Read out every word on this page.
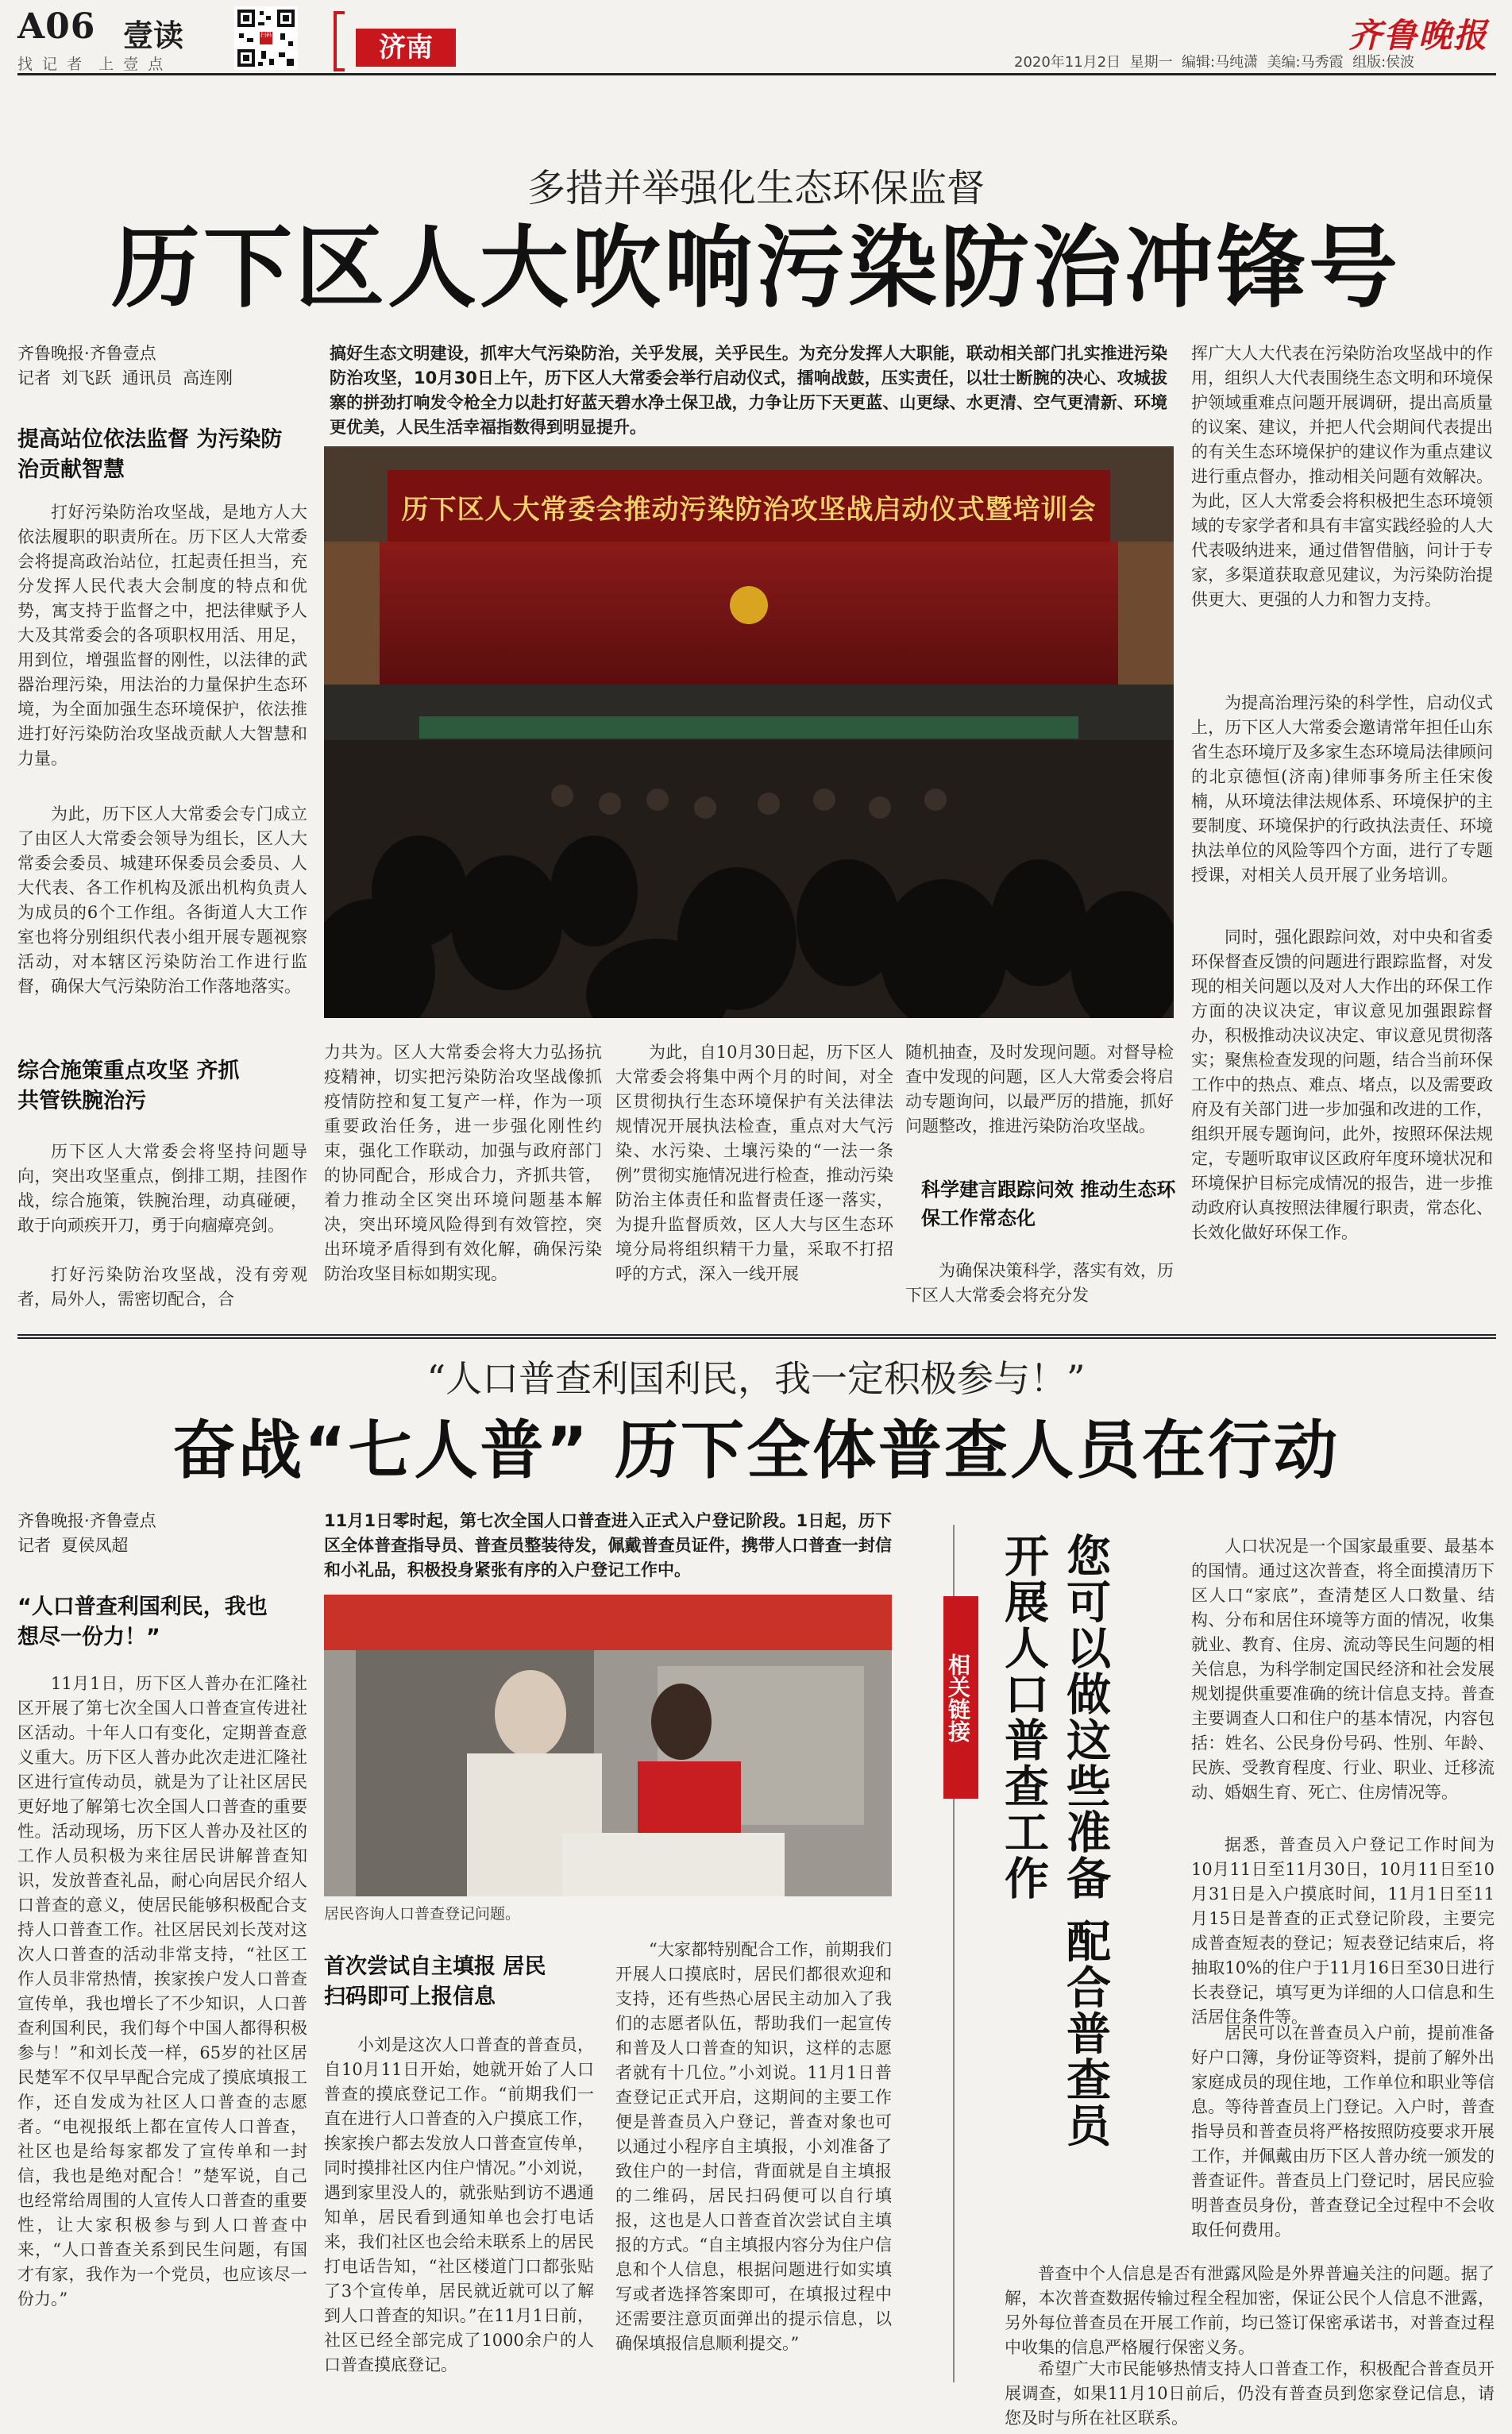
A06 壹读
找 记 者  上 壹 点
扫码	济南	齐鲁晚报
2020年11月2日  星期一  编辑:马纯潇  美编:马秀霞  组版:侯波
多措并举强化生态环保监督
历下区人大吹响污染防治冲锋号
齐鲁晚报·齐鲁壹点
记者  刘飞跃  通讯员  高连刚
搞好生态文明建设，抓牢大气污染防治，关乎发展，关乎民生。为充分发挥人大职能，联动相关部门扎实推进污染防治攻坚，10月30日上午，历下区人大常委会举行启动仪式，擂响战鼓，压实责任，以壮士断腕的决心、攻城拔寨的拼劲打响发令枪全力以赴打好蓝天碧水净土保卫战，力争让历下天更蓝、山更绿、水更清、空气更清新、环境更优美，人民生活幸福指数得到明显提升。
历下区人大常委会推动污染防治攻坚战启动仪式暨培训会
提高站位依法监督 为污染防治贡献智慧
打好污染防治攻坚战，是地方人大依法履职的职责所在。历下区人大常委会将提高政治站位，扛起责任担当，充分发挥人民代表大会制度的特点和优势，寓支持于监督之中，把法律赋予人大及其常委会的各项职权用活、用足，用到位，增强监督的刚性，以法律的武器治理污染，用法治的力量保护生态环境，为全面加强生态环境保护，依法推进打好污染防治攻坚战贡献人大智慧和力量。
为此，历下区人大常委会专门成立了由区人大常委会领导为组长，区人大常委会委员、城建环保委员会委员、人大代表、各工作机构及派出机构负责人为成员的6个工作组。各街道人大工作室也将分别组织代表小组开展专题视察活动，对本辖区污染防治工作进行监督，确保大气污染防治工作落地落实。
综合施策重点攻坚 齐抓共管铁腕治污
历下区人大常委会将坚持问题导向，突出攻坚重点，倒排工期，挂图作战，综合施策，铁腕治理，动真碰硬，敢于向顽疾开刀，勇于向痼瘴亮剑。
打好污染防治攻坚战，没有旁观者，局外人，需密切配合，合
力共为。区人大常委会将大力弘扬抗疫精神，切实把污染防治攻坚战像抓疫情防控和复工复产一样，作为一项重要政治任务，进一步强化刚性约束，强化工作联动，加强与政府部门的协同配合，形成合力，齐抓共管，着力推动全区突出环境问题基本解决，突出环境风险得到有效管控，突出环境矛盾得到有效化解，确保污染防治攻坚目标如期实现。
为此，自10月30日起，历下区人大常委会将集中两个月的时间，对全区贯彻执行生态环境保护有关法律法规情况开展执法检查，重点对大气污染、水污染、土壤污染的“一法一条例”贯彻实施情况进行检查，推动污染防治主体责任和监督责任逐一落实，为提升监督质效，区人大与区生态环境分局将组织精干力量，采取不打招呼的方式，深入一线开展
随机抽查，及时发现问题。对督导检查中发现的问题，区人大常委会将启动专题询问，以最严厉的措施，抓好问题整改，推进污染防治攻坚战。
科学建言跟踪问效 推动生态环保工作常态化
为确保决策科学，落实有效，历下区人大常委会将充分发
挥广大人大代表在污染防治攻坚战中的作用，组织人大代表围绕生态文明和环境保护领域重难点问题开展调研，提出高质量的议案、建议，并把人代会期间代表提出的有关生态环境保护的建议作为重点建议进行重点督办，推动相关问题有效解决。为此，区人大常委会将积极把生态环境领域的专家学者和具有丰富实践经验的人大代表吸纳进来，通过借智借脑，问计于专家，多渠道获取意见建议，为污染防治提供更大、更强的人力和智力支持。
为提高治理污染的科学性，启动仪式上，历下区人大常委会邀请常年担任山东省生态环境厅及多家生态环境局法律顾问的北京德恒(济南)律师事务所主任宋俊楠，从环境法律法规体系、环境保护的主要制度、环境保护的行政执法责任、环境执法单位的风险等四个方面，进行了专题授课，对相关人员开展了业务培训。
同时，强化跟踪问效，对中央和省委环保督查反馈的问题进行跟踪监督，对发现的相关问题以及对人大作出的环保工作方面的决议决定，审议意见加强跟踪督办，积极推动决议决定、审议意见贯彻落实；聚焦检查发现的问题，结合当前环保工作中的热点、难点、堵点，以及需要政府及有关部门进一步加强和改进的工作，组织开展专题询问，此外，按照环保法规定，专题听取审议区政府年度环境状况和环境保护目标完成情况的报告，进一步推动政府认真按照法律履行职责，常态化、长效化做好环保工作。
“人口普查利国利民，我一定积极参与！”
奋战“七人普” 历下全体普查人员在行动
齐鲁晚报·齐鲁壹点
记者  夏侯凤超
“人口普查利国利民，我也想尽一份力！”
11月1日，历下区人普办在汇隆社区开展了第七次全国人口普查宣传进社区活动。十年人口有变化，定期普查意义重大。历下区人普办此次走进汇隆社区进行宣传动员，就是为了让社区居民更好地了解第七次全国人口普查的重要性。活动现场，历下区人普办及社区的工作人员积极为来往居民讲解普查知识，发放普查礼品，耐心向居民介绍人口普查的意义，使居民能够积极配合支持人口普查工作。社区居民刘长茂对这次人口普查的活动非常支持，“社区工作人员非常热情，挨家挨户发人口普查宣传单，我也增长了不少知识，人口普查利国利民，我们每个中国人都得积极参与！”和刘长茂一样，65岁的社区居民楚军不仅早早配合完成了摸底填报工作，还自发成为社区人口普查的志愿者。“电视报纸上都在宣传人口普查，社区也是给每家都发了宣传单和一封信，我也是绝对配合！”楚军说，自己也经常给周围的人宣传人口普查的重要性，让大家积极参与到人口普查中来，“人口普查关系到民生问题，有国才有家，我作为一个党员，也应该尽一份力。”
11月1日零时起，第七次全国人口普查进入正式入户登记阶段。1日起，历下区全体普查指导员、普查员整装待发，佩戴普查员证件，携带人口普查一封信和小礼品，积极投身紧张有序的入户登记工作中。
居民咨询人口普查登记问题。
首次尝试自主填报 居民扫码即可上报信息
小刘是这次人口普查的普查员，自10月11日开始，她就开始了人口普查的摸底登记工作。“前期我们一直在进行人口普查的入户摸底工作，挨家挨户都去发放人口普查宣传单，同时摸排社区内住户情况。”小刘说，遇到家里没人的，就张贴到访不遇通知单，居民看到通知单也会打电话来，我们社区也会给未联系上的居民打电话告知，“社区楼道门口都张贴了3个宣传单，居民就近就可以了解到人口普查的知识。”在11月1日前，社区已经全部完成了1000余户的人口普查摸底登记。
“大家都特别配合工作，前期我们开展人口摸底时，居民们都很欢迎和支持，还有些热心居民主动加入了我们的志愿者队伍，帮助我们一起宣传和普及人口普查的知识，这样的志愿者就有十几位。”小刘说。11月1日普查登记正式开启，这期间的主要工作便是普查员入户登记，普查对象也可以通过小程序自主填报，小刘准备了致住户的一封信，背面就是自主填报的二维码，居民扫码便可以自行填报，这也是人口普查首次尝试自主填报的方式。“自主填报内容分为住户信息和个人信息，根据问题进行如实填写或者选择答案即可，在填报过程中还需要注意页面弹出的提示信息，以确保填报信息顺利提交。”
相关链接	您可以做这些准备 配合普查员开展人口普查工作	人口状况是一个国家最重要、最基本的国情。通过这次普查，将全面摸清历下区人口“家底”，查清楚区人口数量、结构、分布和居住环境等方面的情况，收集就业、教育、住房、流动等民生问题的相关信息，为科学制定国民经济和社会发展规划提供重要准确的统计信息支持。普查主要调查人口和住户的基本情况，内容包括：姓名、公民身份号码、性别、年龄、民族、受教育程度、行业、职业、迁移流动、婚姻生育、死亡、住房情况等。
据悉，普查员入户登记工作时间为10月11日至11月30日，10月11日至10月31日是入户摸底时间，11月1日至11月15日是普查的正式登记阶段，主要完成普查短表的登记；短表登记结束后，将抽取10%的住户于11月16日至30日进行长表登记，填写更为详细的人口信息和生活居住条件等。
居民可以在普查员入户前，提前准备好户口簿，身份证等资料，提前了解外出家庭成员的现住地，工作单位和职业等信息。等待普查员上门登记。入户时，普查指导员和普查员将严格按照防疫要求开展工作，并佩戴由历下区人普办统一颁发的普查证件。普查员上门登记时，居民应验明普查员身份，普查登记全过程中不会收取任何费用。
普查中个人信息是否有泄露风险是外界普遍关注的问题。据了解，本次普查数据传输过程全程加密，保证公民个人信息不泄露，另外每位普查员在开展工作前，均已签订保密承诺书，对普查过程中收集的信息严格履行保密义务。
希望广大市民能够热情支持人口普查工作，积极配合普查员开展调查，如果11月10日前后，仍没有普查员到您家登记信息，请您及时与所在社区联系。
